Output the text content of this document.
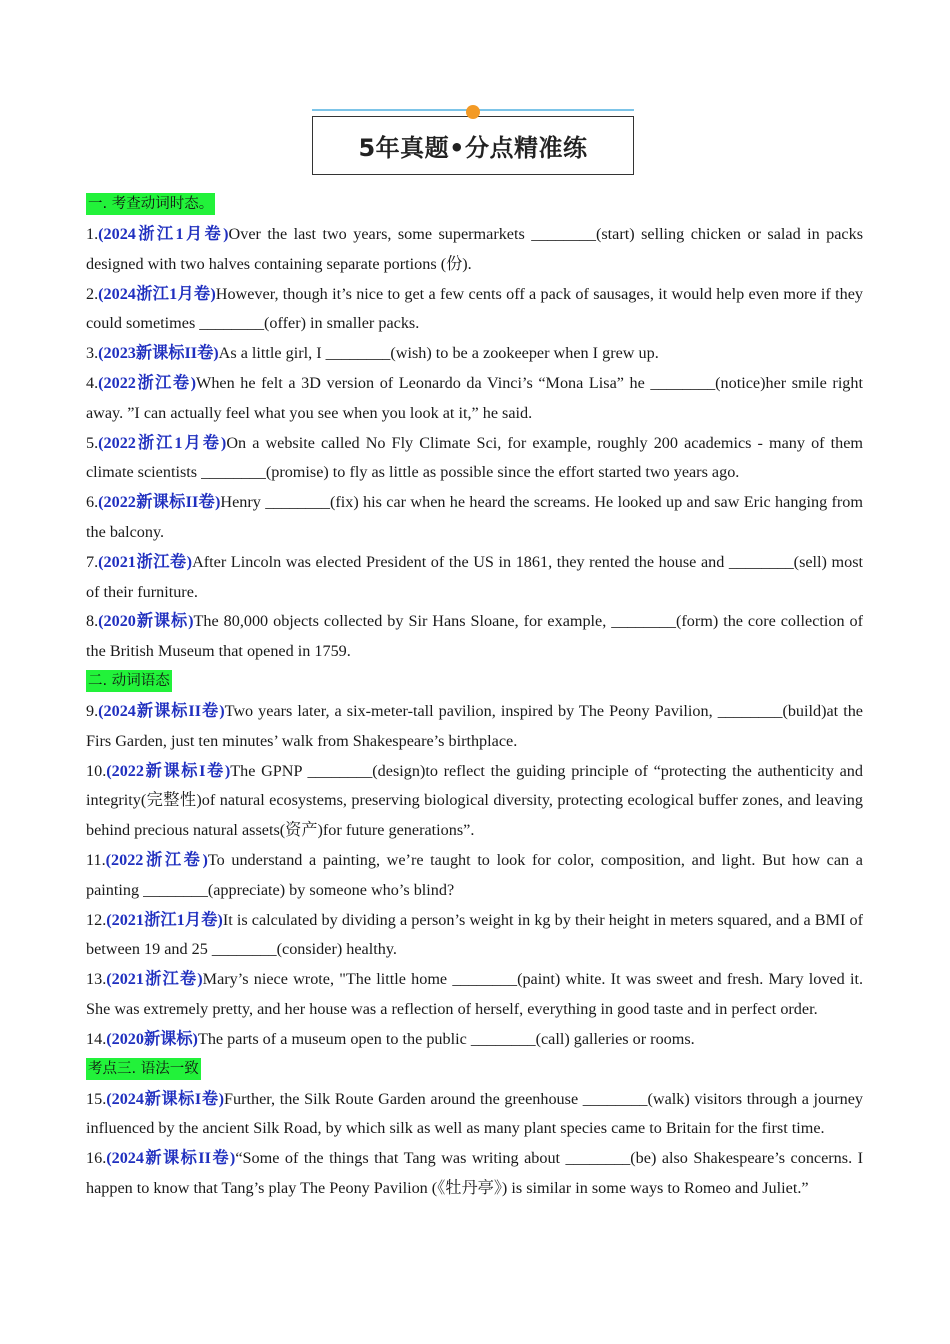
5年真题•分点精准练
一. 考查动词时态。
1.(2024浙江1月卷)Over the last two years, some supermarkets ________(start) selling chicken or salad in packs designed with two halves containing separate portions (份).
2.(2024浙江1月卷)However, though it’s nice to get a few cents off a pack of sausages, it would help even more if they could sometimes ________(offer) in smaller packs.
3.(2023新课标II卷)As a little girl, I ________(wish) to be a zookeeper when I grew up.
4.(2022浙江卷)When he felt a 3D version of Leonardo da Vinci’s “Mona Lisa” he ________(notice)her smile right away. ”I can actually feel what you see when you look at it,” he said.
5.(2022浙江1月卷)On a website called No Fly Climate Sci, for example, roughly 200 academics - many of them climate scientists ________(promise) to fly as little as possible since the effort started two years ago.
6.(2022新课标II卷)Henry ________(fix) his car when he heard the screams. He looked up and saw Eric hanging from the balcony.
7.(2021浙江卷)After Lincoln was elected President of the US in 1861, they rented the house and ________(sell) most of their furniture.
8.(2020新课标)The 80,000 objects collected by Sir Hans Sloane, for example, ________(form) the core collection of the British Museum that opened in 1759.
二. 动词语态
9.(2024新课标II卷)Two years later, a six-meter-tall pavilion, inspired by The Peony Pavilion, ________(build)at the Firs Garden, just ten minutes’ walk from Shakespeare’s birthplace.
10.(2022新课标I卷)The GPNP ________(design)to reflect the guiding principle of “protecting the authenticity and integrity(完整性)of natural ecosystems, preserving biological diversity, protecting ecological buffer zones, and leaving behind precious natural assets(资产)for future generations”.
11.(2022浙江卷)To understand a painting, we’re taught to look for color, composition, and light. But how can a painting ________(appreciate) by someone who’s blind?
12.(2021浙江1月卷)It is calculated by dividing a person’s weight in kg by their height in meters squared, and a BMI of between 19 and 25 ________(consider) healthy.
13.(2021浙江卷)Mary’s niece wrote, "The little home ________(paint) white. It was sweet and fresh. Mary loved it. She was extremely pretty, and her house was a reflection of herself, everything in good taste and in perfect order.
14.(2020新课标)The parts of a museum open to the public ________(call) galleries or rooms.
考点三. 语法一致
15.(2024新课标I卷)Further, the Silk Route Garden around the greenhouse ________(walk) visitors through a journey influenced by the ancient Silk Road, by which silk as well as many plant species came to Britain for the first time.
16.(2024新课标II卷)“Some of the things that Tang was writing about ________(be) also Shakespeare’s concerns. I happen to know that Tang’s play The Peony Pavilion (《牡丹亭》) is similar in some ways to Romeo and Juliet.”
